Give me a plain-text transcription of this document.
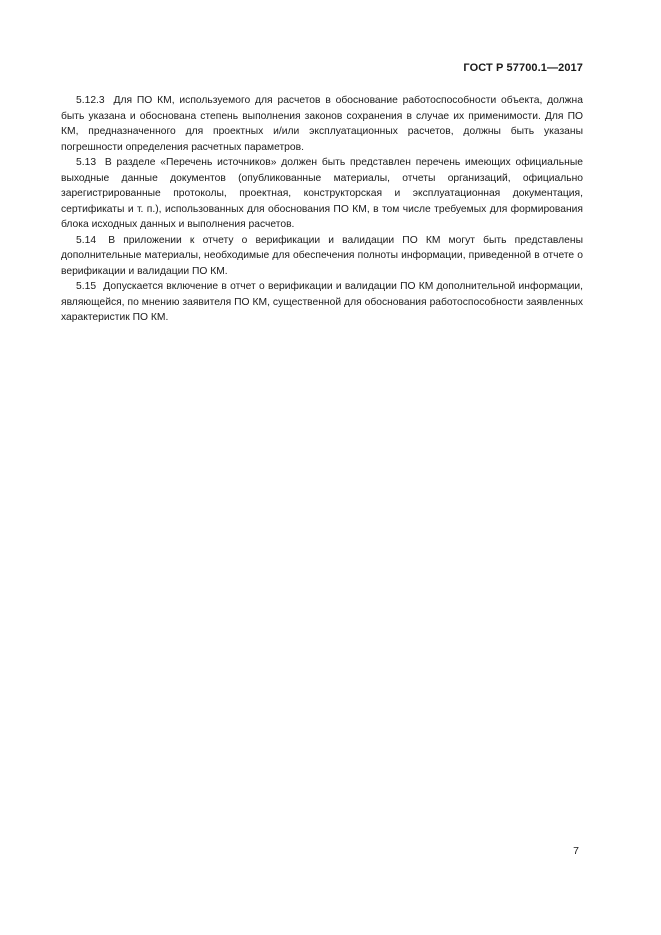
ГОСТ Р 57700.1—2017

5.12.3 Для ПО КМ, используемого для расчетов в обоснование работоспособности объекта, должна быть указана и обоснована степень выполнения законов сохранения в случае их применимости. Для ПО КМ, предназначенного для проектных и/или эксплуатационных расчетов, должны быть указаны погрешности определения расчетных параметров.

5.13 В разделе «Перечень источников» должен быть представлен перечень имеющих официальные выходные данные документов (опубликованные материалы, отчеты организаций, официально зарегистрированные протоколы, проектная, конструкторская и эксплуатационная документация, сертификаты и т. п.), использованных для обоснования ПО КМ, в том числе требуемых для формирования блока исходных данных и выполнения расчетов.

5.14 В приложении к отчету о верификации и валидации ПО КМ могут быть представлены дополнительные материалы, необходимые для обеспечения полноты информации, приведенной в отчете о верификации и валидации ПО КМ.

5.15 Допускается включение в отчет о верификации и валидации ПО КМ дополнительной информации, являющейся, по мнению заявителя ПО КМ, существенной для обоснования работоспособности заявленных характеристик ПО КМ.

7
